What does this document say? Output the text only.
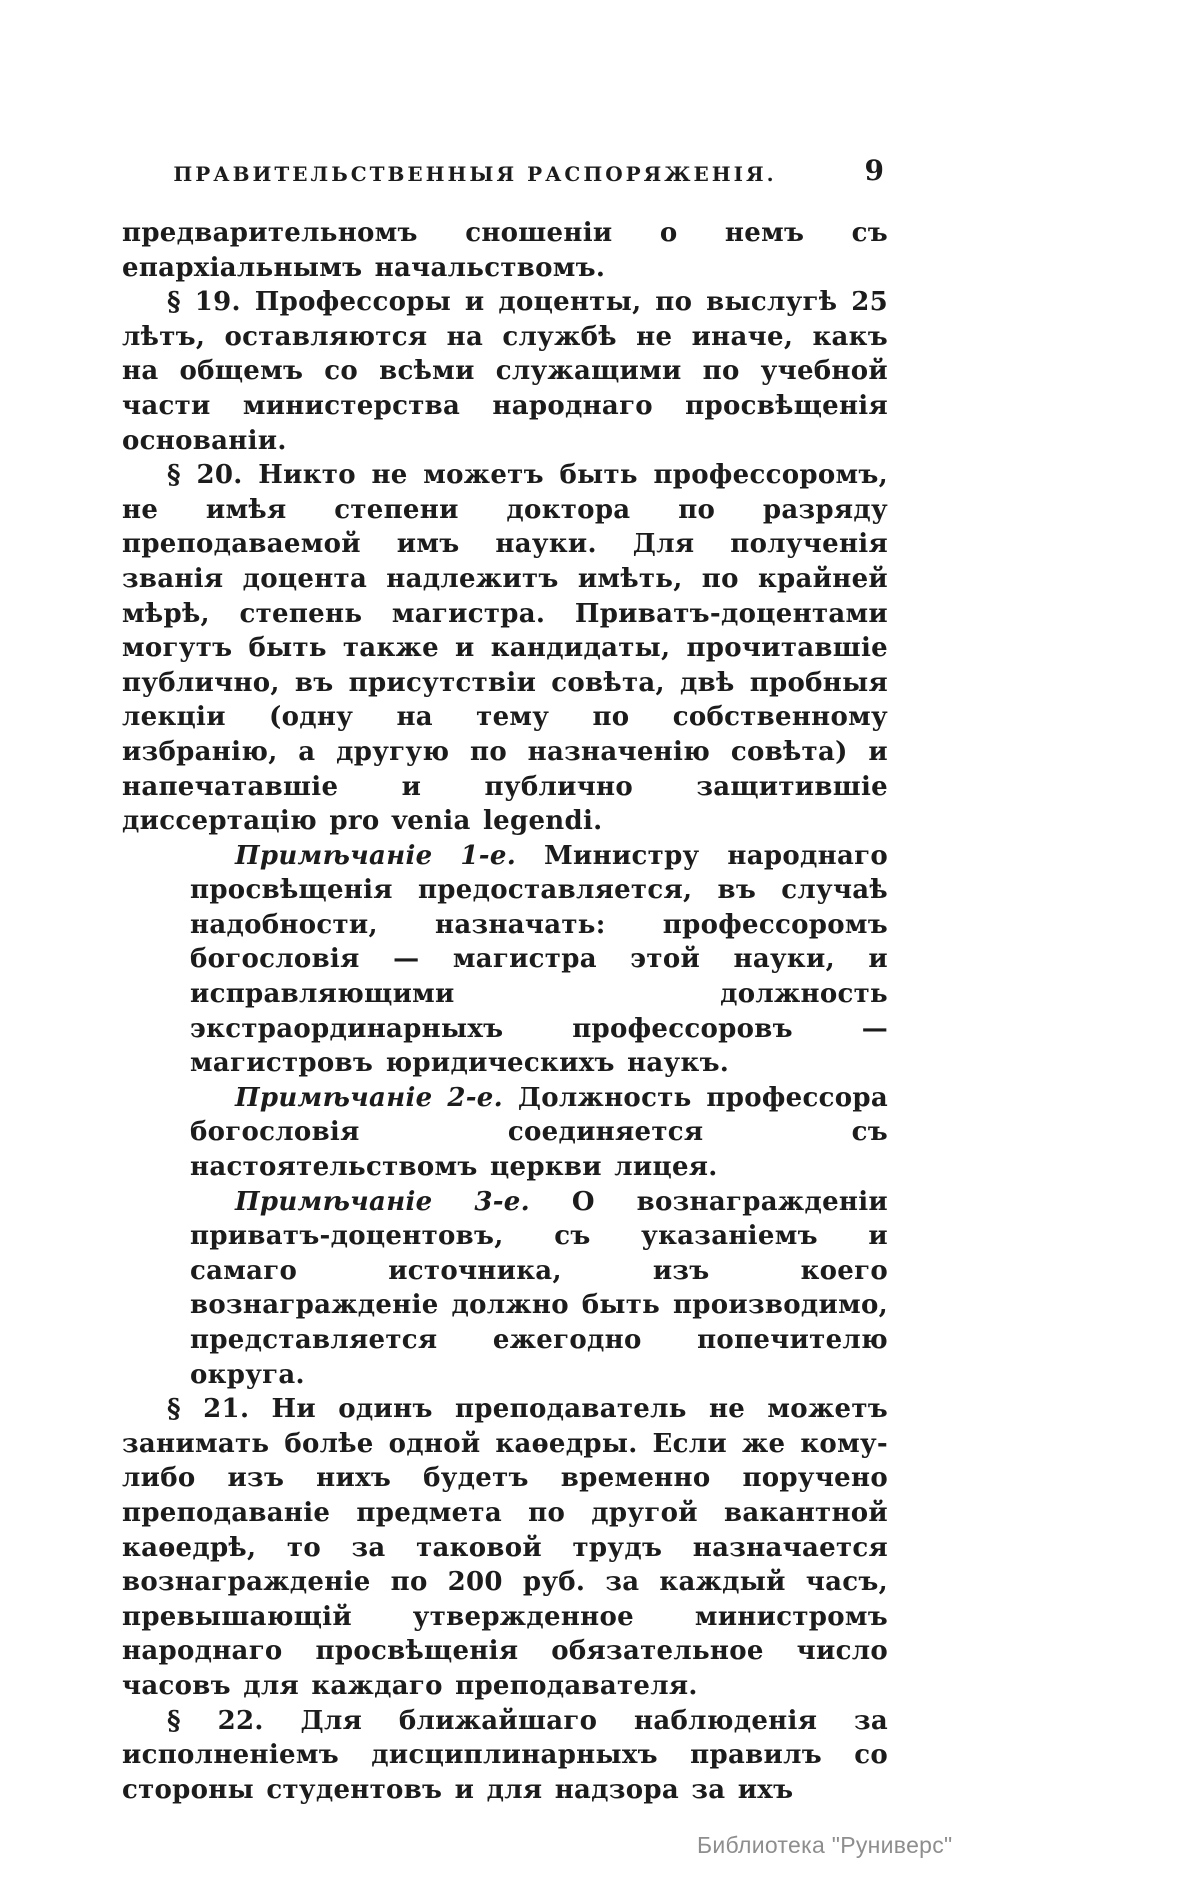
ПРАВИТЕЛЬСТВЕННЫЯ РАСПОРЯЖЕНІЯ.	9

предварительномъ сношеніи о немъ съ епархіальнымъ начальствомъ.

§ 19. Профессоры и доценты, по выслугѣ 25 лѣтъ, оставляются на службѣ не иначе, какъ на общемъ со всѣми служащими по учебной части министерства народнаго просвѣщенія основаніи.

§ 20. Никто не можетъ быть профессоромъ, не имѣя степени доктора по разряду преподаваемой имъ науки. Для полученія званія доцента надлежитъ имѣть, по крайней мѣрѣ, степень магистра. Приватъ-доцентами могутъ быть также и кандидаты, прочитавшіе публично, въ присутствіи совѣта, двѣ пробныя лекціи (одну на тему по собственному избранію, а другую по назначенію совѣта) и напечатавшіе и публично защитившіе диссертацію pro venia legendi.

Примѣчаніе 1-е. Министру народнаго просвѣщенія предоставляется, въ случаѣ надобности, назначать: профессоромъ богословія — магистра этой науки, и исправляющими должность экстраординарныхъ профессоровъ — магистровъ юридическихъ наукъ.

Примѣчаніе 2-е. Должность профессора богословія соединяется съ настоятельствомъ церкви лицея.

Примѣчаніе 3-е. О вознагражденіи приватъ-доцентовъ, съ указаніемъ и самаго источника, изъ коего вознагражденіе должно быть производимо, представляется ежегодно попечителю округа.

§ 21. Ни одинъ преподаватель не можетъ занимать болѣе одной каѳедры. Если же кому-либо изъ нихъ будетъ временно поручено преподаваніе предмета по другой вакантной каѳедрѣ, то за таковой трудъ назначается вознагражденіе по 200 руб. за каждый часъ, превышающій утвержденное министромъ народнаго просвѣщенія обязательное число часовъ для каждаго преподавателя.

§ 22. Для ближайшаго наблюденія за исполненіемъ дисциплинарныхъ правилъ со стороны студентовъ и для надзора за ихъ

Библиотека "Руниверс"
